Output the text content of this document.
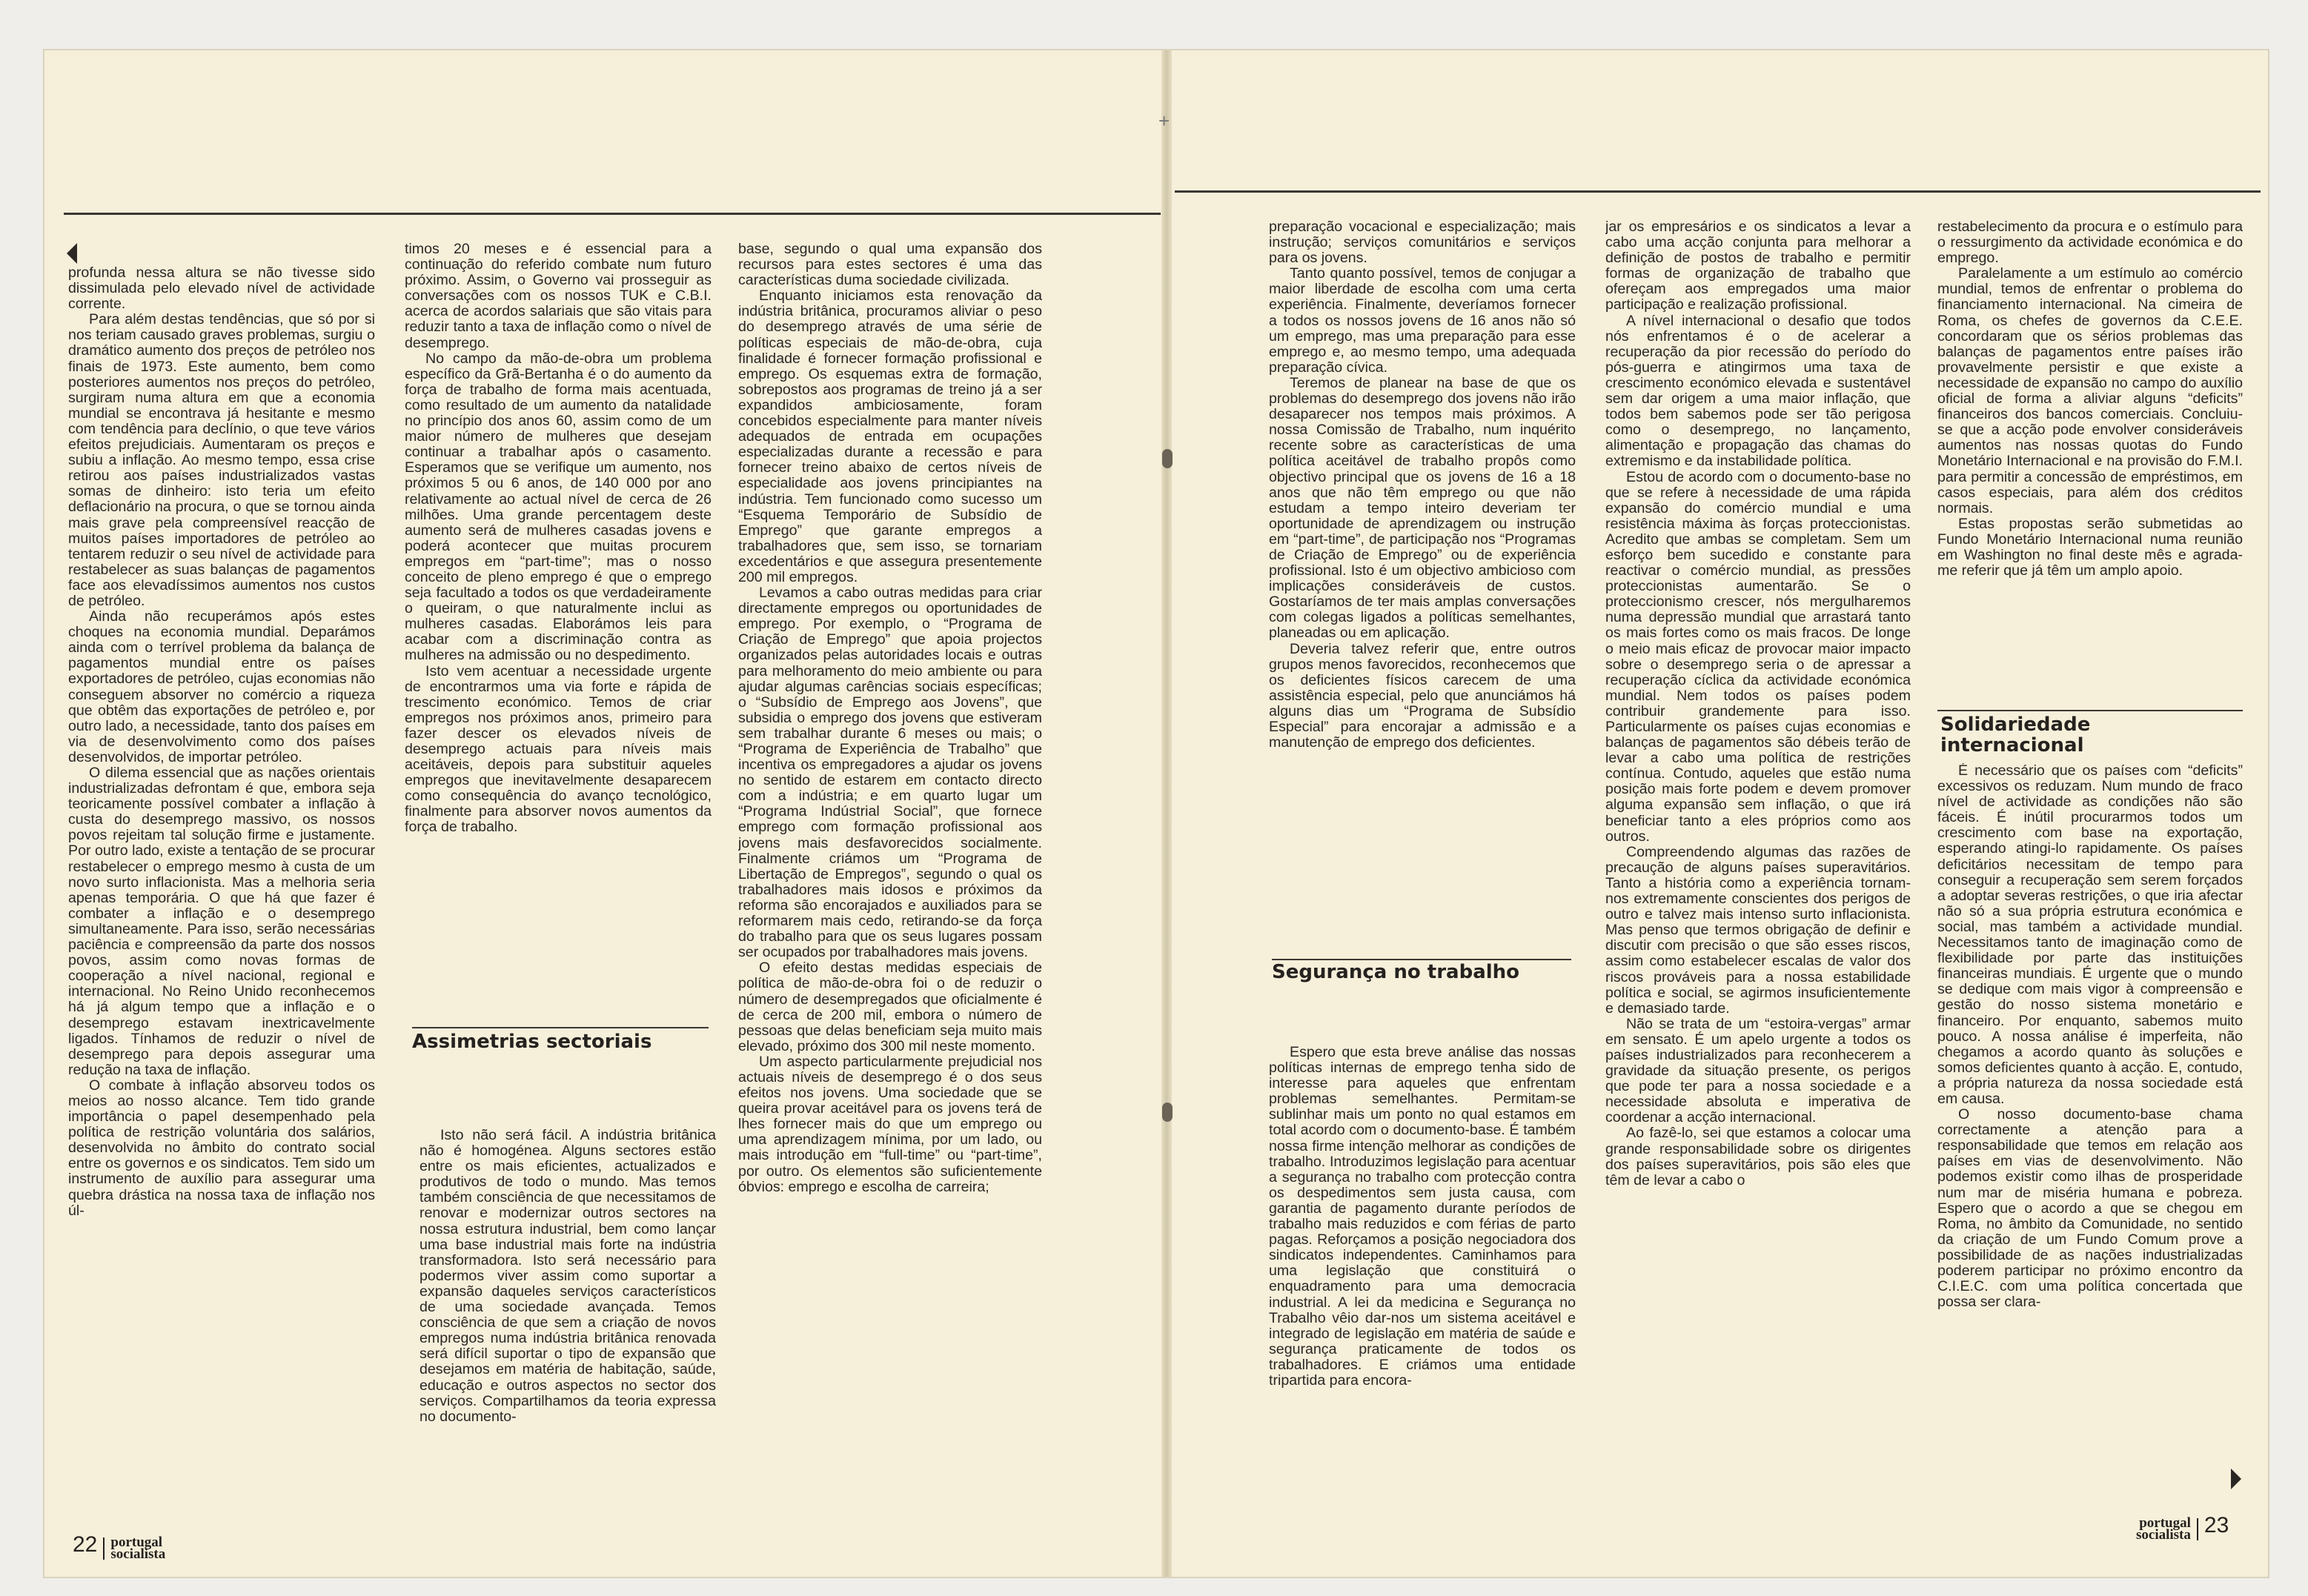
+

profunda nessa altura se não tivesse sido dissimulada pelo elevado nível de actividade corrente.

Para além destas tendências, que só por si nos teriam causado graves problemas, surgiu o dramático aumento dos preços de petróleo nos finais de 1973. Este aumento, bem como posteriores aumentos nos preços do petróleo, surgiram numa altura em que a economia mundial se encontrava já hesitante e mesmo com tendência para declínio, o que teve vários efeitos prejudiciais. Aumentaram os preços e subiu a inflação. Ao mesmo tempo, essa crise retirou aos países industrializados vastas somas de dinheiro: isto teria um efeito deflacionário na procura, o que se tornou ainda mais grave pela compreensível reacção de muitos países importadores de petróleo ao tentarem reduzir o seu nível de actividade para restabelecer as suas balanças de pagamentos face aos elevadíssimos aumentos nos custos de petróleo.

Ainda não recuperámos após estes choques na economia mundial. Deparámos ainda com o terrível problema da balança de pagamentos mundial entre os países exportadores de petróleo, cujas economias não conseguem absorver no comércio a riqueza que obtêm das exportações de petróleo e, por outro lado, a necessidade, tanto dos países em via de desenvolvimento como dos países desenvolvidos, de importar petróleo.

O dilema essencial que as nações orientais industrializadas defrontam é que, embora seja teoricamente possível combater a inflação à custa do desemprego massivo, os nossos povos rejeitam tal solução firme e justamente. Por outro lado, existe a tentação de se procurar restabelecer o emprego mesmo à custa de um novo surto inflacionista. Mas a melhoria seria apenas temporária. O que há que fazer é combater a inflação e o desemprego simultaneamente. Para isso, serão necessárias paciência e compreensão da parte dos nossos povos, assim como novas formas de cooperação a nível nacional, regional e internacional. No Reino Unido reconhecemos há já algum tempo que a inflação e o desemprego estavam inextricavelmente ligados. Tínhamos de reduzir o nível de desemprego para depois assegurar uma redução na taxa de inflação.

O combate à inflação absorveu todos os meios ao nosso alcance. Tem tido grande importância o papel desempenhado pela política de restrição voluntária dos salários, desenvolvida no âmbito do contrato social entre os governos e os sindicatos. Tem sido um instrumento de auxílio para assegurar uma quebra drástica na nossa taxa de inflação nos úl-

timos 20 meses e é essencial para a continuação do referido combate num futuro próximo. Assim, o Governo vai prosseguir as conversações com os nossos TUK e C.B.I. acerca de acordos salariais que são vitais para reduzir tanto a taxa de inflação como o nível de desemprego.

No campo da mão-de-obra um problema específico da Grã-Bertanha é o do aumento da força de trabalho de forma mais acentuada, como resultado de um aumento da natalidade no princípio dos anos 60, assim como de um maior número de mulheres que desejam continuar a trabalhar após o casamento. Esperamos que se verifique um aumento, nos próximos 5 ou 6 anos, de 140 000 por ano relativamente ao actual nível de cerca de 26 milhões. Uma grande percentagem deste aumento será de mulheres casadas jovens e poderá acontecer que muitas procurem empregos em “part-time”; mas o nosso conceito de pleno emprego é que o emprego seja facultado a todos os que verdadeiramente o queiram, o que naturalmente inclui as mulheres casadas. Elaborámos leis para acabar com a discriminação contra as mulheres na admissão ou no despedimento.

Isto vem acentuar a necessidade urgente de encontrarmos uma via forte e rápida de trescimento económico. Temos de criar empregos nos próximos anos, primeiro para fazer descer os elevados níveis de desemprego actuais para níveis mais aceitáveis, depois para substituir aqueles empregos que inevitavelmente desaparecem como consequência do avanço tecnológico, finalmente para absorver novos aumentos da força de trabalho.

Assimetrias sectoriais

Isto não será fácil. A indústria britânica não é homogénea. Alguns sectores estão entre os mais eficientes, actualizados e produtivos de todo o mundo. Mas temos também consciência de que necessitamos de renovar e modernizar outros sectores na nossa estrutura industrial, bem como lançar uma base industrial mais forte na indústria transformadora. Isto será necessário para podermos viver assim como suportar a expansão daqueles serviços característicos de uma sociedade avançada. Temos consciência de que sem a criação de novos empregos numa indústria britânica renovada será difícil suportar o tipo de expansão que desejamos em matéria de habitação, saúde, educação e outros aspectos no sector dos serviços. Compartilhamos da teoria expressa no documento-

base, segundo o qual uma expansão dos recursos para estes sectores é uma das características duma sociedade civilizada.

Enquanto iniciamos esta renovação da indústria britânica, procuramos aliviar o peso do desemprego através de uma série de políticas especiais de mão-de-obra, cuja finalidade é fornecer formação profissional e emprego. Os esquemas extra de formação, sobrepostos aos programas de treino já a ser expandidos ambiciosamente, foram concebidos especialmente para manter níveis adequados de entrada em ocupações especializadas durante a recessão e para fornecer treino abaixo de certos níveis de especialidade aos jovens principiantes na indústria. Tem funcionado como sucesso um “Esquema Temporário de Subsídio de Emprego” que garante empregos a trabalhadores que, sem isso, se tornariam excedentários e que assegura presentemente 200 mil empregos.

Levamos a cabo outras medidas para criar directamente empregos ou oportunidades de emprego. Por exemplo, o “Programa de Criação de Emprego” que apoia projectos organizados pelas autoridades locais e outras para melhoramento do meio ambiente ou para ajudar algumas carências sociais específicas; o “Subsídio de Emprego aos Jovens”, que subsidia o emprego dos jovens que estiveram sem trabalhar durante 6 meses ou mais; o “Programa de Experiência de Trabalho” que incentiva os empregadores a ajudar os jovens no sentido de estarem em contacto directo com a indústria; e em quarto lugar um “Programa Indústrial Social”, que fornece emprego com formação profissional aos jovens mais desfavorecidos socialmente. Finalmente criámos um “Programa de Libertação de Empregos”, segundo o qual os trabalhadores mais idosos e próximos da reforma são encorajados e auxiliados para se reformarem mais cedo, retirando-se da força do trabalho para que os seus lugares possam ser ocupados por trabalhadores mais jovens.

O efeito destas medidas especiais de política de mão-de-obra foi o de reduzir o número de desempregados que oficialmente é de cerca de 200 mil, embora o número de pessoas que delas beneficiam seja muito mais elevado, próximo dos 300 mil neste momento.

Um aspecto particularmente prejudicial nos actuais níveis de desemprego é o dos seus efeitos nos jovens. Uma sociedade que se queira provar aceitável para os jovens terá de lhes fornecer mais do que um emprego ou uma aprendizagem mínima, por um lado, ou mais introdução em “full-time” ou “part-time”, por outro. Os elementos são suficientemente óbvios: emprego e escolha de carreira;

22 portugal
socialista

preparação vocacional e especialização; mais instrução; serviços comunitários e serviços para os jovens.

Tanto quanto possível, temos de conjugar a maior liberdade de escolha com uma certa experiência. Finalmente, deveríamos fornecer a todos os nossos jovens de 16 anos não só um emprego, mas uma preparação para esse emprego e, ao mesmo tempo, uma adequada preparação cívica.

Teremos de planear na base de que os problemas do desemprego dos jovens não irão desaparecer nos tempos mais próximos. A nossa Comissão de Trabalho, num inquérito recente sobre as características de uma política aceitável de trabalho propôs como objectivo principal que os jovens de 16 a 18 anos que não têm emprego ou que não estudam a tempo inteiro deveriam ter oportunidade de aprendizagem ou instrução em “part-time”, de participação nos “Programas de Criação de Emprego” ou de experiência profissional. Isto é um objectivo ambicioso com implicações consideráveis de custos. Gostaríamos de ter mais amplas conversações com colegas ligados a políticas semelhantes, planeadas ou em aplicação.

Deveria talvez referir que, entre outros grupos menos favorecidos, reconhecemos que os deficientes físicos carecem de uma assistência especial, pelo que anunciámos há alguns dias um “Programa de Subsídio Especial” para encorajar a admissão e a manutenção de emprego dos deficientes.

Segurança no trabalho

Espero que esta breve análise das nossas políticas internas de emprego tenha sido de interesse para aqueles que enfrentam problemas semelhantes. Permitam-se sublinhar mais um ponto no qual estamos em total acordo com o documento-base. É também nossa firme intenção melhorar as condições de trabalho. Introduzimos legislação para acentuar a segurança no trabalho com protecção contra os despedimentos sem justa causa, com garantia de pagamento durante períodos de trabalho mais reduzidos e com férias de parto pagas. Reforçamos a posição negociadora dos sindicatos independentes. Caminhamos para uma legislação que constituirá o enquadramento para uma democracia industrial. A lei da medicina e Segurança no Trabalho vêio dar-nos um sistema aceitável e integrado de legislação em matéria de saúde e segurança praticamente de todos os trabalhadores. E criámos uma entidade tripartida para encora-

jar os empresários e os sindicatos a levar a cabo uma acção conjunta para melhorar a definição de postos de trabalho e permitir formas de organização de trabalho que ofereçam aos empregados uma maior participação e realização profissional.

A nível internacional o desafio que todos nós enfrentamos é o de acelerar a recuperação da pior recessão do período do pós-guerra e atingirmos uma taxa de crescimento económico elevada e sustentável sem dar origem a uma maior inflação, que todos bem sabemos pode ser tão perigosa como o desemprego, no lançamento, alimentação e propagação das chamas do extremismo e da instabilidade política.

Estou de acordo com o documento-base no que se refere à necessidade de uma rápida expansão do comércio mundial e uma resistência máxima às forças proteccionistas. Acredito que ambas se completam. Sem um esforço bem sucedido e constante para reactivar o comércio mundial, as pressões proteccionistas aumentarão. Se o proteccionismo crescer, nós mergulharemos numa depressão mundial que arrastará tanto os mais fortes como os mais fracos. De longe o meio mais eficaz de provocar maior impacto sobre o desemprego seria o de apressar a recuperação cíclica da actividade económica mundial. Nem todos os países podem contribuir grandemente para isso. Particularmente os países cujas economias e balanças de pagamentos são débeis terão de levar a cabo uma política de restrições contínua. Contudo, aqueles que estão numa posição mais forte podem e devem promover alguma expansão sem inflação, o que irá beneficiar tanto a eles próprios como aos outros.

Compreendendo algumas das razões de precaução de alguns países superavitários. Tanto a história como a experiência tornam-nos extremamente conscientes dos perigos de outro e talvez mais intenso surto inflacionista. Mas penso que termos obrigação de definir e discutir com precisão o que são esses riscos, assim como estabelecer escalas de valor dos riscos prováveis para a nossa estabilidade política e social, se agirmos insuficientemente e demasiado tarde.

Não se trata de um “estoira-vergas” armar em sensato. É um apelo urgente a todos os países industrializados para reconhecerem a gravidade da situação presente, os perigos que pode ter para a nossa sociedade e a necessidade absoluta e imperativa de coordenar a acção internacional.

Ao fazê-lo, sei que estamos a colocar uma grande responsabilidade sobre os dirigentes dos países superavitários, pois são eles que têm de levar a cabo o

restabelecimento da procura e o estímulo para o ressurgimento da actividade económica e do emprego.

Paralelamente a um estímulo ao comércio mundial, temos de enfrentar o problema do financiamento internacional. Na cimeira de Roma, os chefes de governos da C.E.E. concordaram que os sérios problemas das balanças de pagamentos entre países irão provavelmente persistir e que existe a necessidade de expansão no campo do auxílio oficial de forma a aliviar alguns “deficits” financeiros dos bancos comerciais. Concluiu-se que a acção pode envolver consideráveis aumentos nas nossas quotas do Fundo Monetário Internacional e na provisão do F.M.I. para permitir a concessão de empréstimos, em casos especiais, para além dos créditos normais.

Estas propostas serão submetidas ao Fundo Monetário Internacional numa reunião em Washington no final deste mês e agrada-me referir que já têm um amplo apoio.

Solidariedade internacional

É necessário que os países com “deficits” excessivos os reduzam. Num mundo de fraco nível de actividade as condições não são fáceis. É inútil procurarmos todos um crescimento com base na exportação, esperando atingi-lo rapidamente. Os países deficitários necessitam de tempo para conseguir a recuperação sem serem forçados a adoptar severas restrições, o que iria afectar não só a sua própria estrutura económica e social, mas também a actividade mundial. Necessitamos tanto de imaginação como de flexibilidade por parte das instituições financeiras mundiais. É urgente que o mundo se dedique com mais vigor à compreensão e gestão do nosso sistema monetário e financeiro. Por enquanto, sabemos muito pouco. A nossa análise é imperfeita, não chegamos a acordo quanto às soluções e somos deficientes quanto à acção. E, contudo, a própria natureza da nossa sociedade está em causa.

O nosso documento-base chama correctamente a atenção para a responsabilidade que temos em relação aos países em vias de desenvolvimento. Não podemos existir como ilhas de prosperidade num mar de miséria humana e pobreza. Espero que o acordo a que se chegou em Roma, no âmbito da Comunidade, no sentido da criação de um Fundo Comum prove a possibilidade de as nações industrializadas poderem participar no próximo encontro da C.I.E.C. com uma política concertada que possa ser clara-

portugal
socialista 23
